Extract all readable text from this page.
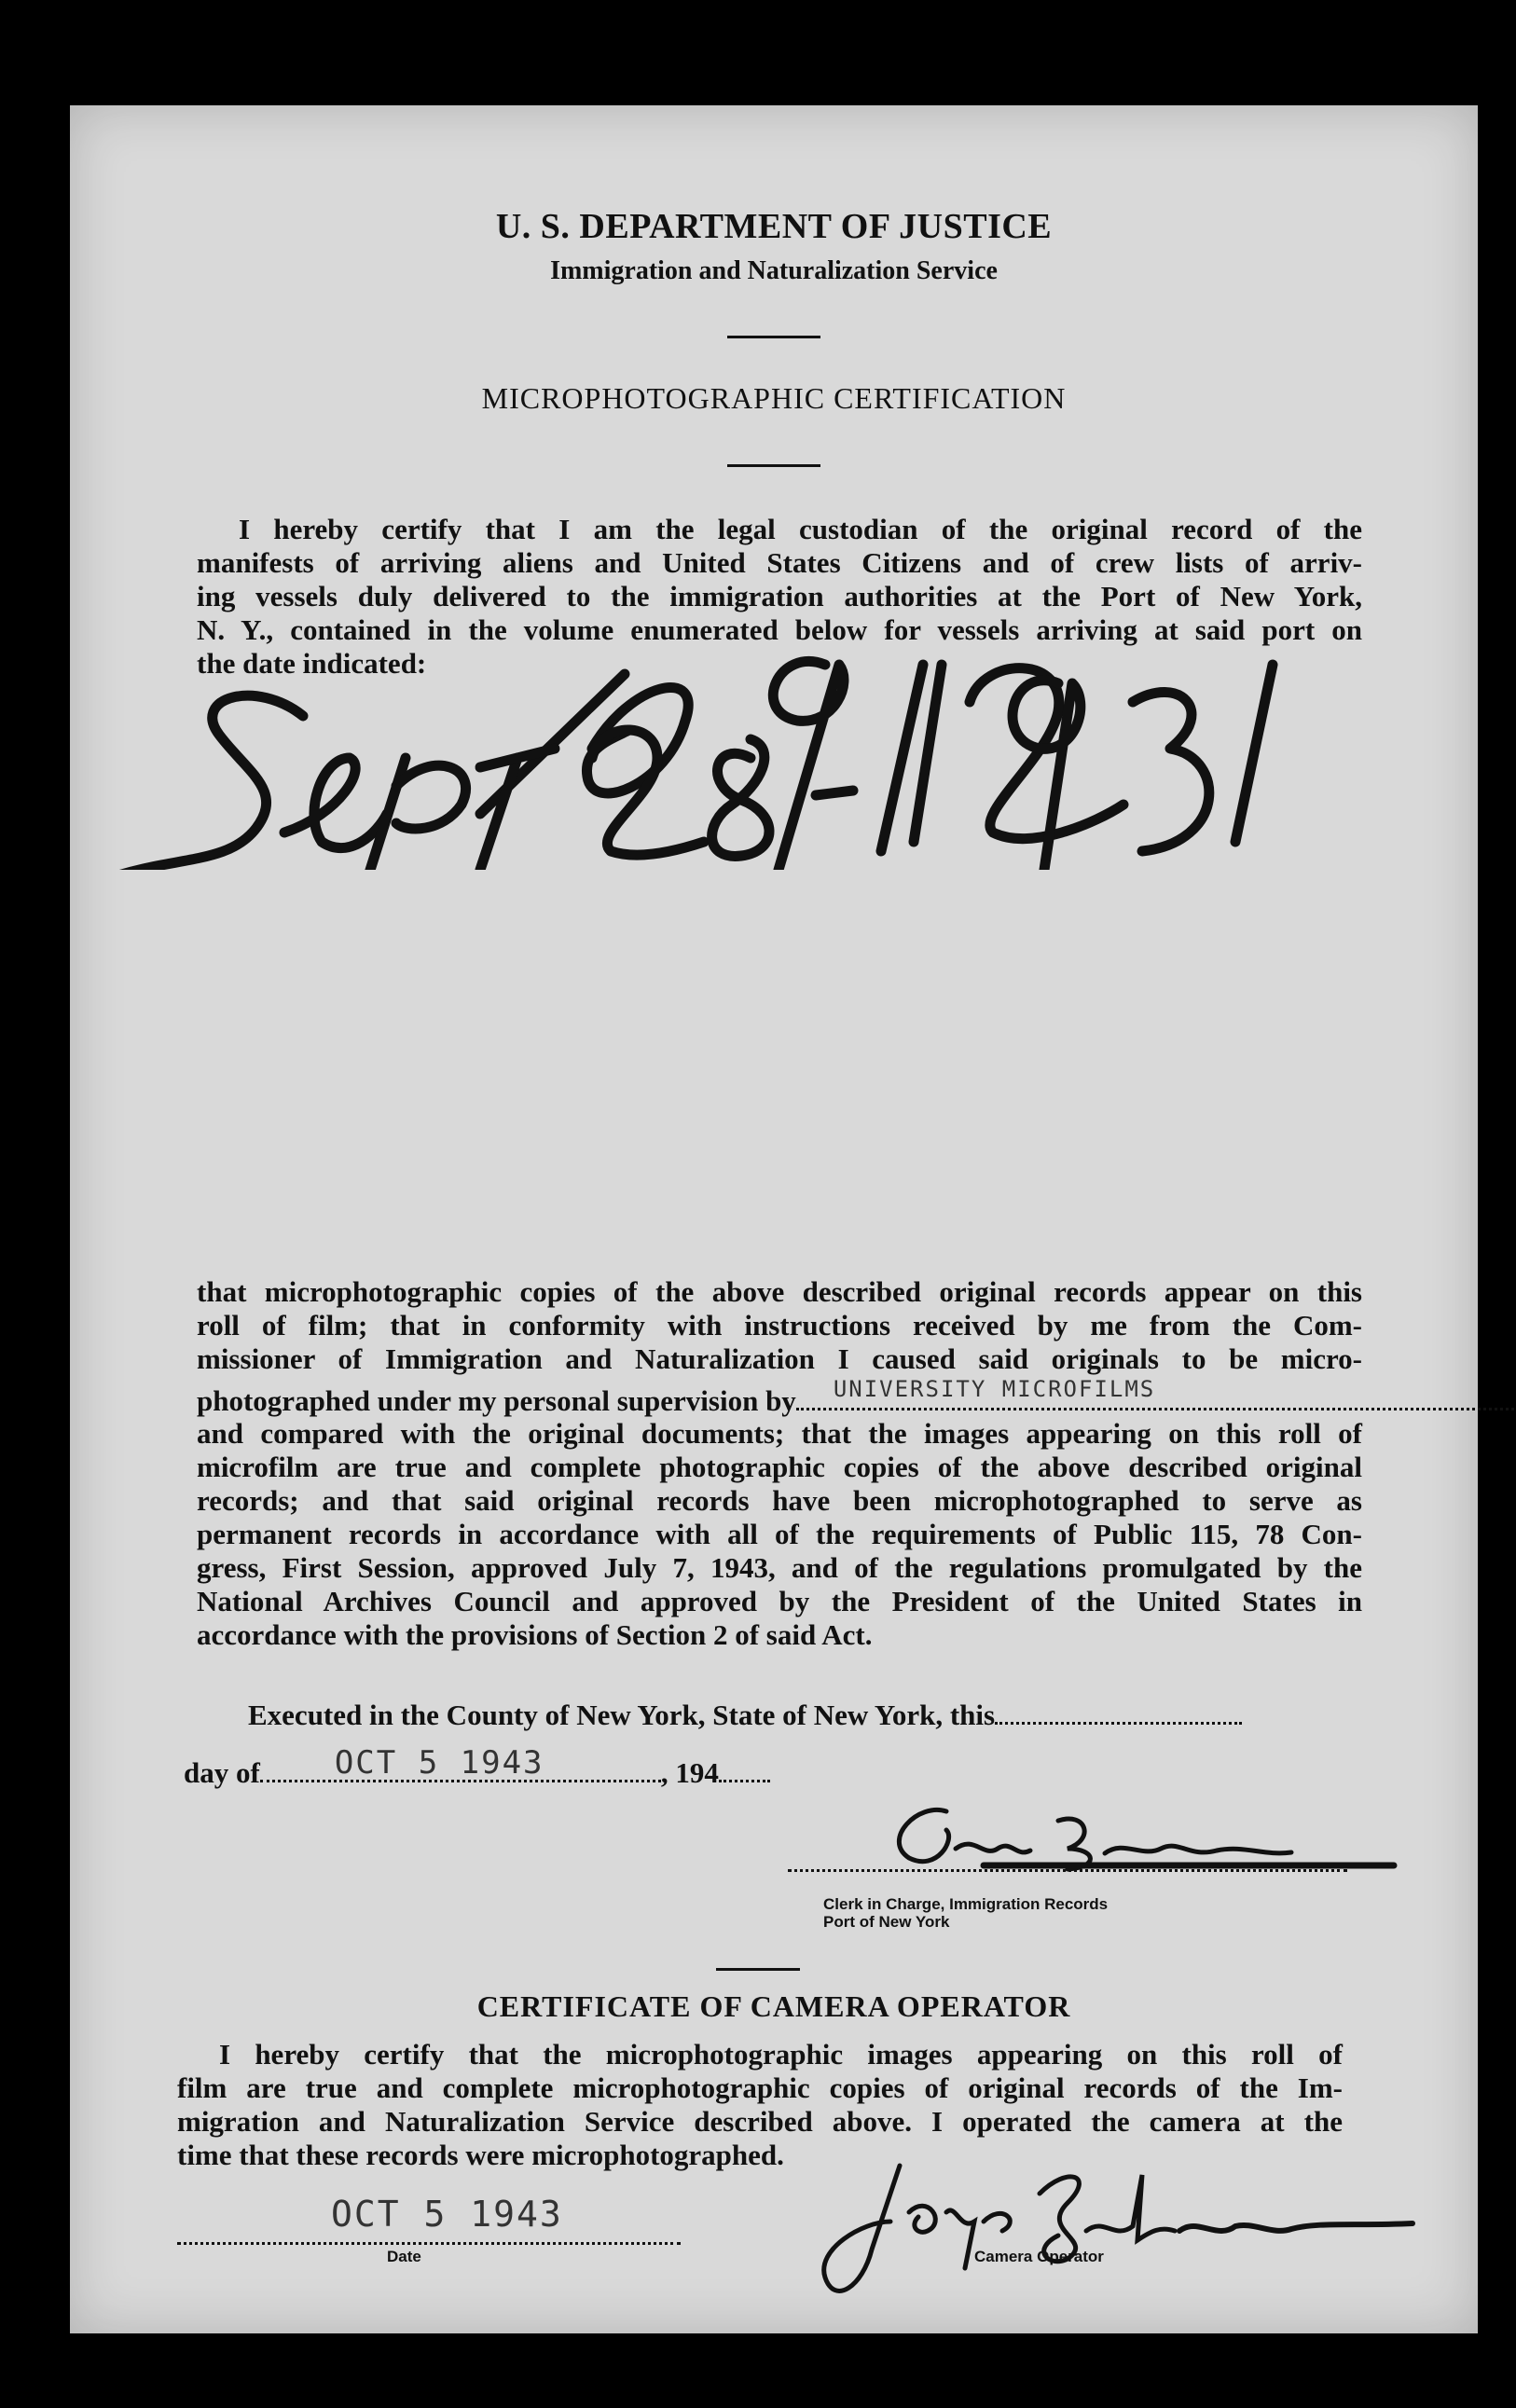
U. S. DEPARTMENT OF JUSTICE
Immigration and Naturalization Service
MICROPHOTOGRAPHIC CERTIFICATION
I hereby certify that I am the legal custodian of the original record of the
manifests of arriving aliens and United States Citizens and of crew lists of arriv-
ing vessels duly delivered to the immigration authorities at the Port of New York,
N. Y., contained in the volume enumerated below for vessels arriving at said port on
the date indicated:
that microphotographic copies of the above described original records appear on this
roll of film; that in conformity with instructions received by me from the Com-
missioner of Immigration and Naturalization I caused said originals to be micro-
photographed under my personal supervision by UNIVERSITY MICROFILMS
and compared with the original documents; that the images appearing on this roll of
microfilm are true and complete photographic copies of the above described original
records; and that said original records have been microphotographed to serve as
permanent records in accordance with all of the requirements of Public 115, 78 Con-
gress, First Session, approved July 7, 1943, and of the regulations promulgated by the
National Archives Council and approved by the President of the United States in
accordance with the provisions of Section 2 of said Act.
Executed in the County of New York, State of New York, this
day of OCT 5 1943	, 194
Clerk in Charge, Immigration Records
Port of New York
CERTIFICATE OF CAMERA OPERATOR
I hereby certify that the microphotographic images appearing on this roll of
film are true and complete microphotographic copies of original records of the Im-
migration and Naturalization Service described above. I operated the camera at the
time that these records were microphotographed.
OCT 5 1943
Date	Camera Operator
